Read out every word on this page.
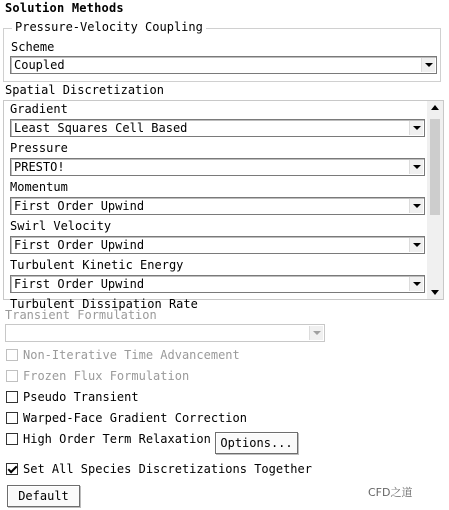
Solution Methods
Pressure-Velocity Coupling
Scheme
Coupled
Spatial Discretization
Gradient
Least Squares Cell Based
Pressure
PRESTO!
Momentum
First Order Upwind
Swirl Velocity
First Order Upwind
Turbulent Kinetic Energy
First Order Upwind
Turbulent Dissipation Rate
Transient Formulation
Non-Iterative Time Advancement
Frozen Flux Formulation
Pseudo Transient
Warped-Face Gradient Correction
High Order Term Relaxation Options...
Set All Species Discretizations Together
Default	CFD之道
